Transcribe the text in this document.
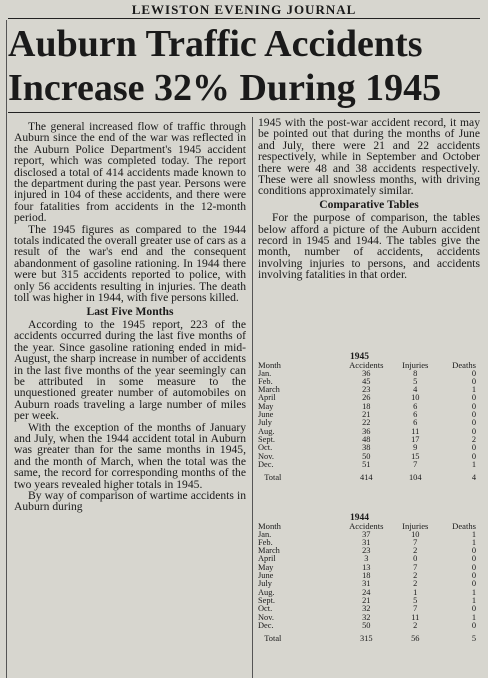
LEWISTON EVENING JOURNAL
Auburn Traffic Accidents
Increase 32% During 1945

The general increased flow of traffic through Auburn since the end of the war was reflected in the Auburn Police Department's 1945 accident report, which was completed today. The report disclosed a total of 414 accidents made known to the department during the past year. Persons were injured in 104 of these accidents, and there were four fatalities from accidents in the 12-month period.

The 1945 figures as compared to the 1944 totals indicated the overall greater use of cars as a result of the war's end and the consequent abandonment of gasoline rationing. In 1944 there were but 315 accidents reported to police, with only 56 accidents resulting in injuries. The death toll was higher in 1944, with five persons killed.

Last Five Months

According to the 1945 report, 223 of the accidents occurred during the last five months of the year. Since gasoline rationing ended in mid-August, the sharp increase in number of accidents in the last five months of the year seemingly can be attributed in some measure to the unquestioned greater number of automobiles on Auburn roads traveling a large number of miles per week.

With the exception of the months of January and July, when the 1944 accident total in Auburn was greater than for the same months in 1945, and the month of March, when the total was the same, the record for corresponding months of the two years revealed higher totals in 1945.

By way of comparison of wartime accidents in Auburn during

1945 with the post-war accident record, it may be pointed out that during the months of June and July, there were 21 and 22 accidents respectively, while in September and October there were 48 and 38 accidents respectively. These were all snowless months, with driving conditions approximately similar.

Comparative Tables

For the purpose of comparison, the tables below afford a picture of the Auburn accident record in 1945 and 1944. The tables give the month, number of accidents, accidents involving injuries to persons, and accidents involving fatalities in that order.

1945			
Month	Accidents	Injuries	Deaths
Jan.	36	8	0
Feb.	45	5	0
March	23	4	1
April	26	10	0
May	18	6	0
June	21	6	0
July	22	6	0
Aug.	36	11	0
Sept.	48	17	2
Oct.	38	9	0
Nov.	50	15	0
Dec.	51	7	1
Total	414	104	4
1944			
Month	Accidents	Injuries	Deaths
Jan.	37	10	1
Feb.	31	7	1
March	23	2	0
April	3	0	0
May	13	7	0
June	18	2	0
July	31	2	0
Aug.	24	1	1
Sept.	21	5	1
Oct.	32	7	0
Nov.	32	11	1
Dec.	50	2	0
Total	315	56	5
